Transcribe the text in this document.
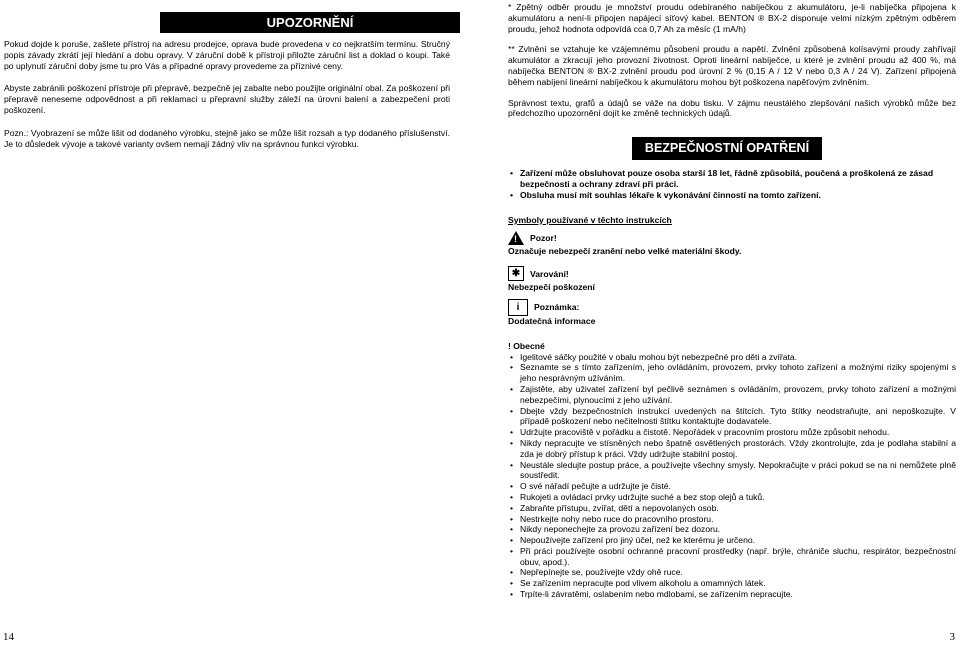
UPOZORNĚNÍ

Pokud dojde k poruše, zašlete přístroj na adresu prodejce, oprava bude provedena v co nejkratším termínu. Stručný popis závady zkrátí její hledání a dobu opravy. V záruční době k přístroji přiložte záruční list a doklad o koupi. Také po uplynutí záruční doby jsme tu pro Vás a případné opravy provedeme za příznivé ceny.

Abyste zabránili poškození přístroje při přepravě, bezpečně jej zabalte nebo použijte originální obal. Za poškození při přepravě neneseme odpovědnost a při reklamaci u přepravní služby záleží na úrovni balení a zabezpečení proti poškození.

Pozn.: Vyobrazení se může lišit od dodaného výrobku, stejně jako se může lišit rozsah a typ dodaného příslušenství. Je to důsledek vývoje a takové varianty ovšem nemají žádný vliv na správnou funkci výrobku.

14

* Zpětný odběr proudu je množství proudu odebíraného nabíječkou z akumulátoru, je-li nabíječka připojena k akumulátoru a není-li připojen napájecí síťový kabel. BENTON ® BX-2 disponuje velmi nízkým zpětným odběrem proudu, jehož hodnota odpovídá cca 0,7 Ah za měsíc (1 mA/h)

** Zvlnění se vztahuje ke vzájemnému působení proudu a napětí. Zvlnění způsobená kolísavými proudy zahřívají akumulátor a zkracují jeho provozní životnost. Oproti lineární nabíječce, u které je zvlnění proudu až 400 %, má nabíječka BENTON ® BX-2 zvlnění proudu pod úrovní 2 % (0,15 A / 12 V nebo 0,3 A / 24 V). Zařízení připojená během nabíjení lineární nabíječkou k akumulátoru mohou být poškozena napěťovým zvlněním.

Správnost textu, grafů a údajů se váže na dobu tisku. V zájmu neustálého zlepšování našich výrobků může bez předchozího upozornění dojít ke změně technických údajů.

BEZPEČNOSTNÍ OPATŘENÍ
• Zařízení může obsluhovat pouze osoba starší 18 let, řádně způsobilá, poučená a proškolená ze zásad bezpečnosti a ochrany zdraví při práci.
• Obsluha musí mít souhlas lékaře k vykonávání činností na tomto zařízení.

Symboly používané v těchto instrukcích

! Pozor!

Označuje nebezpečí zranění nebo velké materiální škody.

✱	Varování!

Nebezpečí poškození

i	Poznámka:

Dodatečná informace

! Obecné

• Igelitové sáčky použité v obalu mohou být nebezpečné pro děti a zvířata.
• Seznamte se s tímto zařízením, jeho ovládáním, provozem, prvky tohoto zařízení a možnými riziky spojenými s jeho nesprávným užíváním.
• Zajistěte, aby uživatel zařízení byl pečlivě seznámen s ovládáním, provozem, prvky tohoto zařízení a možnými nebezpečími, plynoucími z jeho užívání.
• Dbejte vždy bezpečnostních instrukcí uvedených na štítcích. Tyto štítky neodstraňujte, ani nepoškozujte. V případě poškození nebo nečitelnosti štítku kontaktujte dodavatele.
• Udržujte pracoviště v pořádku a čistotě. Nepořádek v pracovním prostoru může způsobit nehodu.
• Nikdy nepracujte ve stísněných nebo špatně osvětlených prostorách. Vždy zkontrolujte, zda je podlaha stabilní a zda je dobrý přístup k práci. Vždy udržujte stabilní postoj.
• Neustále sledujte postup práce, a používejte všechny smysly. Nepokračujte v práci pokud se na ni nemůžete plně soustředit.
• O své nářadí pečujte a udržujte je čisté.
• Rukojeti a ovládací prvky udržujte suché a bez stop olejů a tuků.
• Zabraňte přístupu, zvířat, dětí a nepovolaných osob.
• Nestrkejte nohy nebo ruce do pracovního prostoru.
• Nikdy neponechejte za provozu zařízení bez dozoru.
• Nepoužívejte zařízení pro jiný účel, než ke kterému je určeno.
• Při práci používejte osobní ochranné pracovní prostředky (např. brýle, chrániče sluchu, respirátor, bezpečnostní obuv, apod.).
• Nepřepínejte se, používejte vždy ohě ruce.
• Se zařízením nepracujte pod vlivem alkoholu a omamných látek.
• Trpíte-li závratěmi, oslabením nebo mdlobami, se zařízením nepracujte.
3
